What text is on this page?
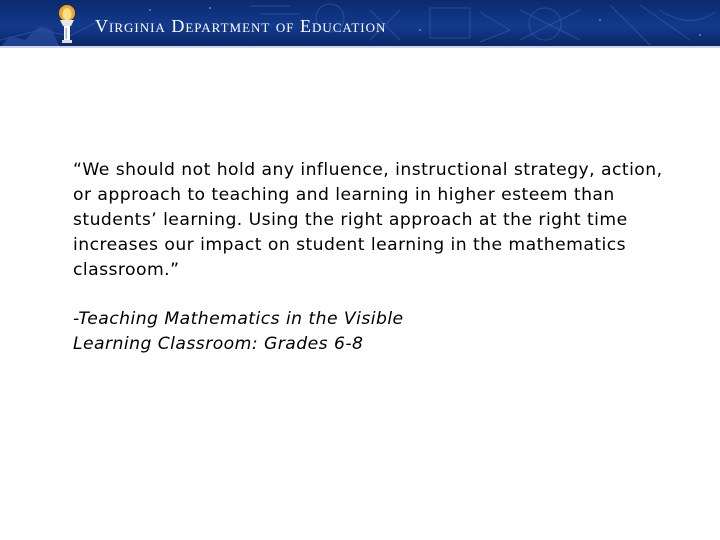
Virginia Department of Education

“We should not hold any influence, instructional strategy, action, or approach to teaching and learning in higher esteem than students’ learning. Using the right approach at the right time increases our impact on student learning in the mathematics classroom.”

-Teaching Mathematics in the Visible Learning Classroom: Grades 6-8
